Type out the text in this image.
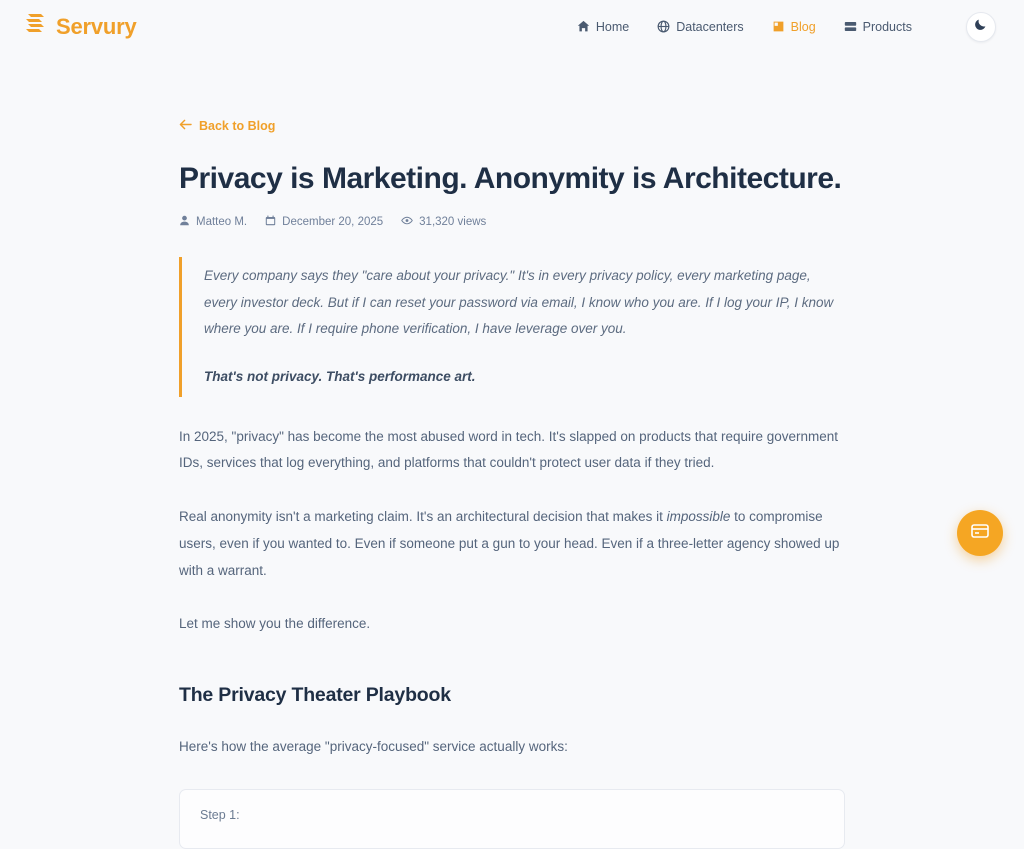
Servury	Home	Datacenters	Blog	Products
Back to Blog
Privacy is Marketing. Anonymity is Architecture.
Matteo M.	December 20, 2025	31,320 views

Every company says they "care about your privacy." It's in every privacy policy, every marketing page, every investor deck. But if I can reset your password via email, I know who you are. If I log your IP, I know where you are. If I require phone verification, I have leverage over you.

That's not privacy. That's performance art.

In 2025, "privacy" has become the most abused word in tech. It's slapped on products that require government IDs, services that log everything, and platforms that couldn't protect user data if they tried.

Real anonymity isn't a marketing claim. It's an architectural decision that makes it impossible to compromise users, even if you wanted to. Even if someone put a gun to your head. Even if a three-letter agency showed up with a warrant.

Let me show you the difference.

The Privacy Theater Playbook

Here's how the average "privacy-focused" service actually works:

Step 1:
